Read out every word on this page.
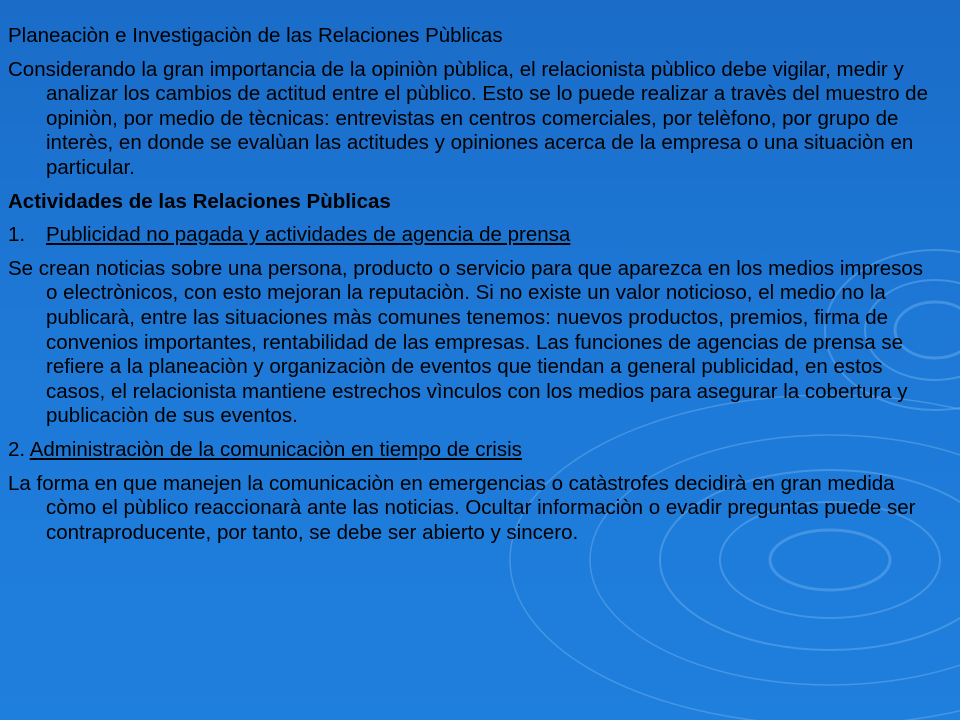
Planeaciòn e Investigaciòn de las Relaciones Pùblicas

Considerando la gran importancia de la opiniòn pùblica, el relacionista pùblico debe vigilar, medir y analizar los cambios de actitud entre el pùblico. Esto se lo puede realizar a travès del muestro de opiniòn, por medio de tècnicas: entrevistas en centros comerciales, por telèfono, por grupo de interès, en donde se evalùan las actitudes y opiniones acerca de la empresa o una situaciòn en particular.

Actividades de las Relaciones Pùblicas

1.	Publicidad no pagada y actividades de agencia de prensa

Se crean noticias sobre una persona, producto o servicio para que aparezca en los medios impresos o electrònicos, con esto mejoran la reputaciòn. Si no existe un valor noticioso, el medio no la publicarà, entre las situaciones màs comunes tenemos: nuevos productos, premios, firma de convenios importantes, rentabilidad de las empresas. Las funciones de agencias de prensa se refiere a la planeaciòn y organizaciòn de eventos que tiendan a general publicidad, en estos casos, el relacionista mantiene estrechos vìnculos con los medios para asegurar la cobertura y publicaciòn de sus eventos.

2. Administraciòn de la comunicaciòn en tiempo de crisis

La forma en que manejen la comunicaciòn en emergencias o catàstrofes decidirà en gran medida còmo el pùblico reaccionarà ante las noticias. Ocultar informaciòn o evadir preguntas puede ser contraproducente, por tanto, se debe ser abierto y sincero.
